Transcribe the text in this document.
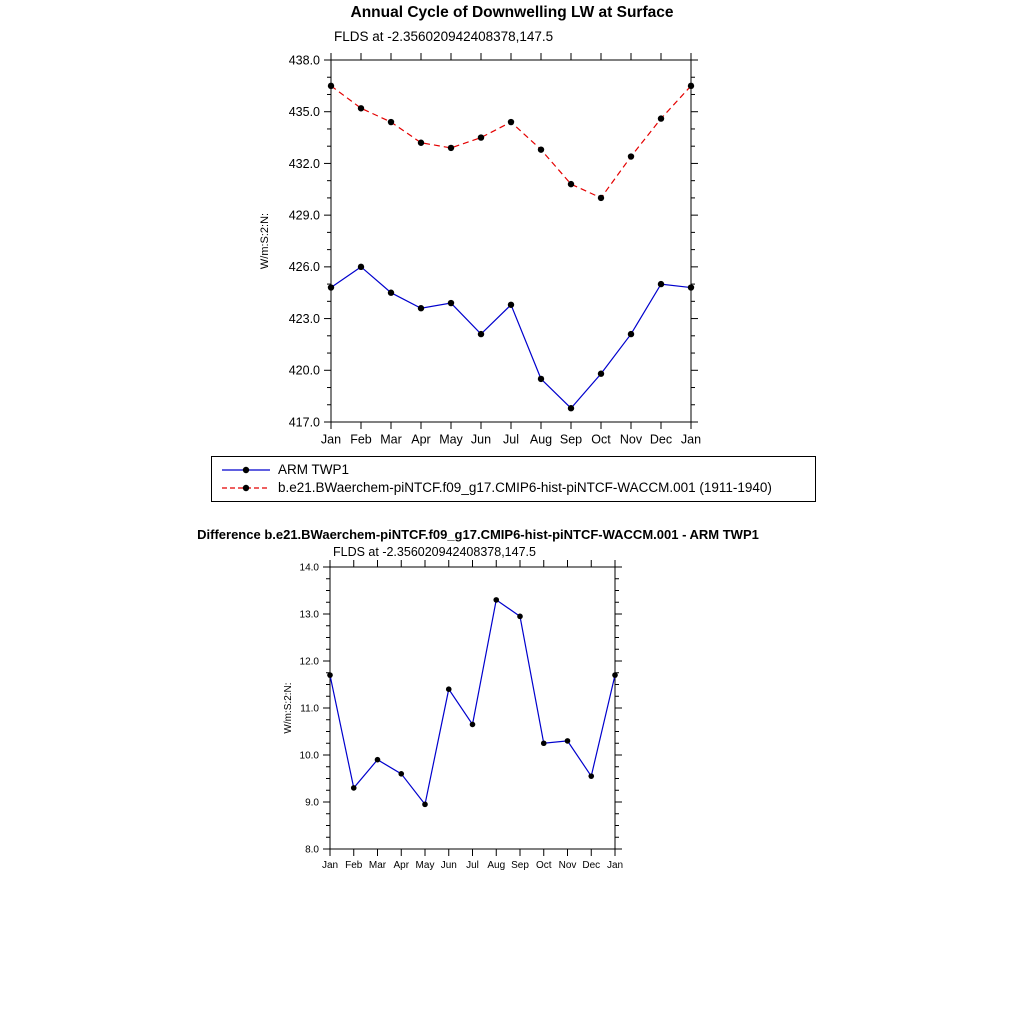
Annual Cycle of Downwelling LW at Surface
FLDS at -2.356020942408378,147.5
417.0
420.0
423.0
426.0
429.0
432.0
435.0
438.0
Jan Feb Mar Apr May Jun Jul Aug Sep Oct Nov Dec Jan
W/m:S:2:N:
ARM TWP1
b.e21.BWaerchem-piNTCF.f09_g17.CMIP6-hist-piNTCF-WACCM.001 (1911-1940)
Difference b.e21.BWaerchem-piNTCF.f09_g17.CMIP6-hist-piNTCF-WACCM.001 - ARM TWP1
FLDS at -2.356020942408378,147.5
8.0
9.0
10.0
11.0
12.0
13.0
14.0
Jan Feb Mar Apr May Jun Jul Aug Sep Oct Nov Dec Jan
W/m:S:2:N:
